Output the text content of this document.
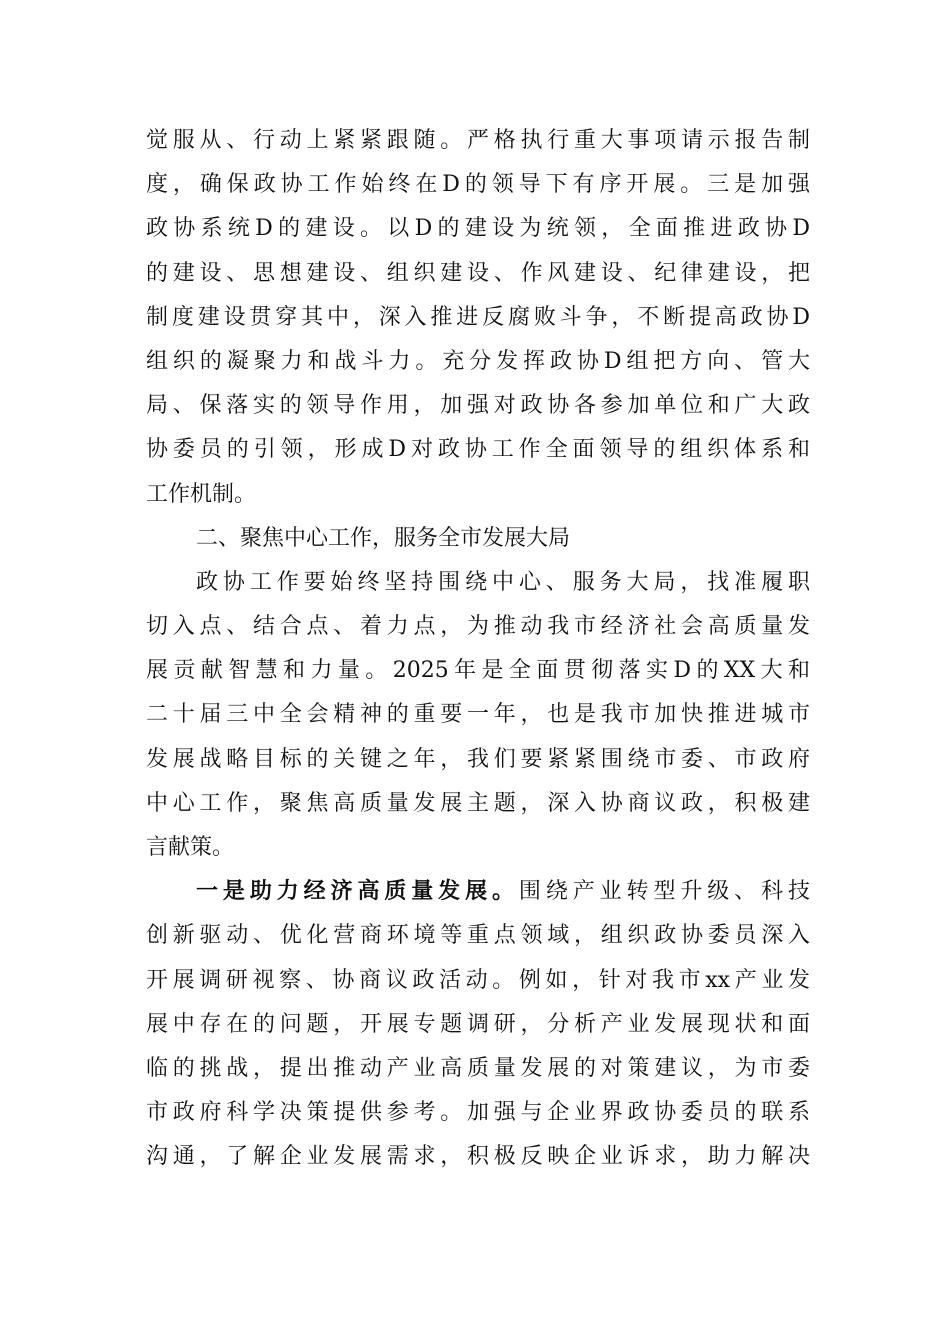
觉服从、行动上紧紧跟随。严格执行重大事项请示报告制
度，确保政协工作始终在D的领导下有序开展。三是加强
政协系统D的建设。以D的建设为统领，全面推进政协D
的建设、思想建设、组织建设、作风建设、纪律建设，把
制度建设贯穿其中，深入推进反腐败斗争，不断提高政协D
组织的凝聚力和战斗力。充分发挥政协D组把方向、管大
局、保落实的领导作用，加强对政协各参加单位和广大政
协委员的引领，形成D对政协工作全面领导的组织体系和
工作机制。
二、聚焦中心工作，服务全市发展大局
政协工作要始终坚持围绕中心、服务大局，找准履职
切入点、结合点、着力点，为推动我市经济社会高质量发
展贡献智慧和力量。2025年是全面贯彻落实D的XX大和
二十届三中全会精神的重要一年，也是我市加快推进城市
发展战略目标的关键之年，我们要紧紧围绕市委、市政府
中心工作，聚焦高质量发展主题，深入协商议政，积极建
言献策。
一是助力经济高质量发展。围绕产业转型升级、科技
创新驱动、优化营商环境等重点领域，组织政协委员深入
开展调研视察、协商议政活动。例如，针对我市xx产业发
展中存在的问题，开展专题调研，分析产业发展现状和面
临的挑战，提出推动产业高质量发展的对策建议，为市委
市政府科学决策提供参考。加强与企业界政协委员的联系
沟通，了解企业发展需求，积极反映企业诉求，助力解决
